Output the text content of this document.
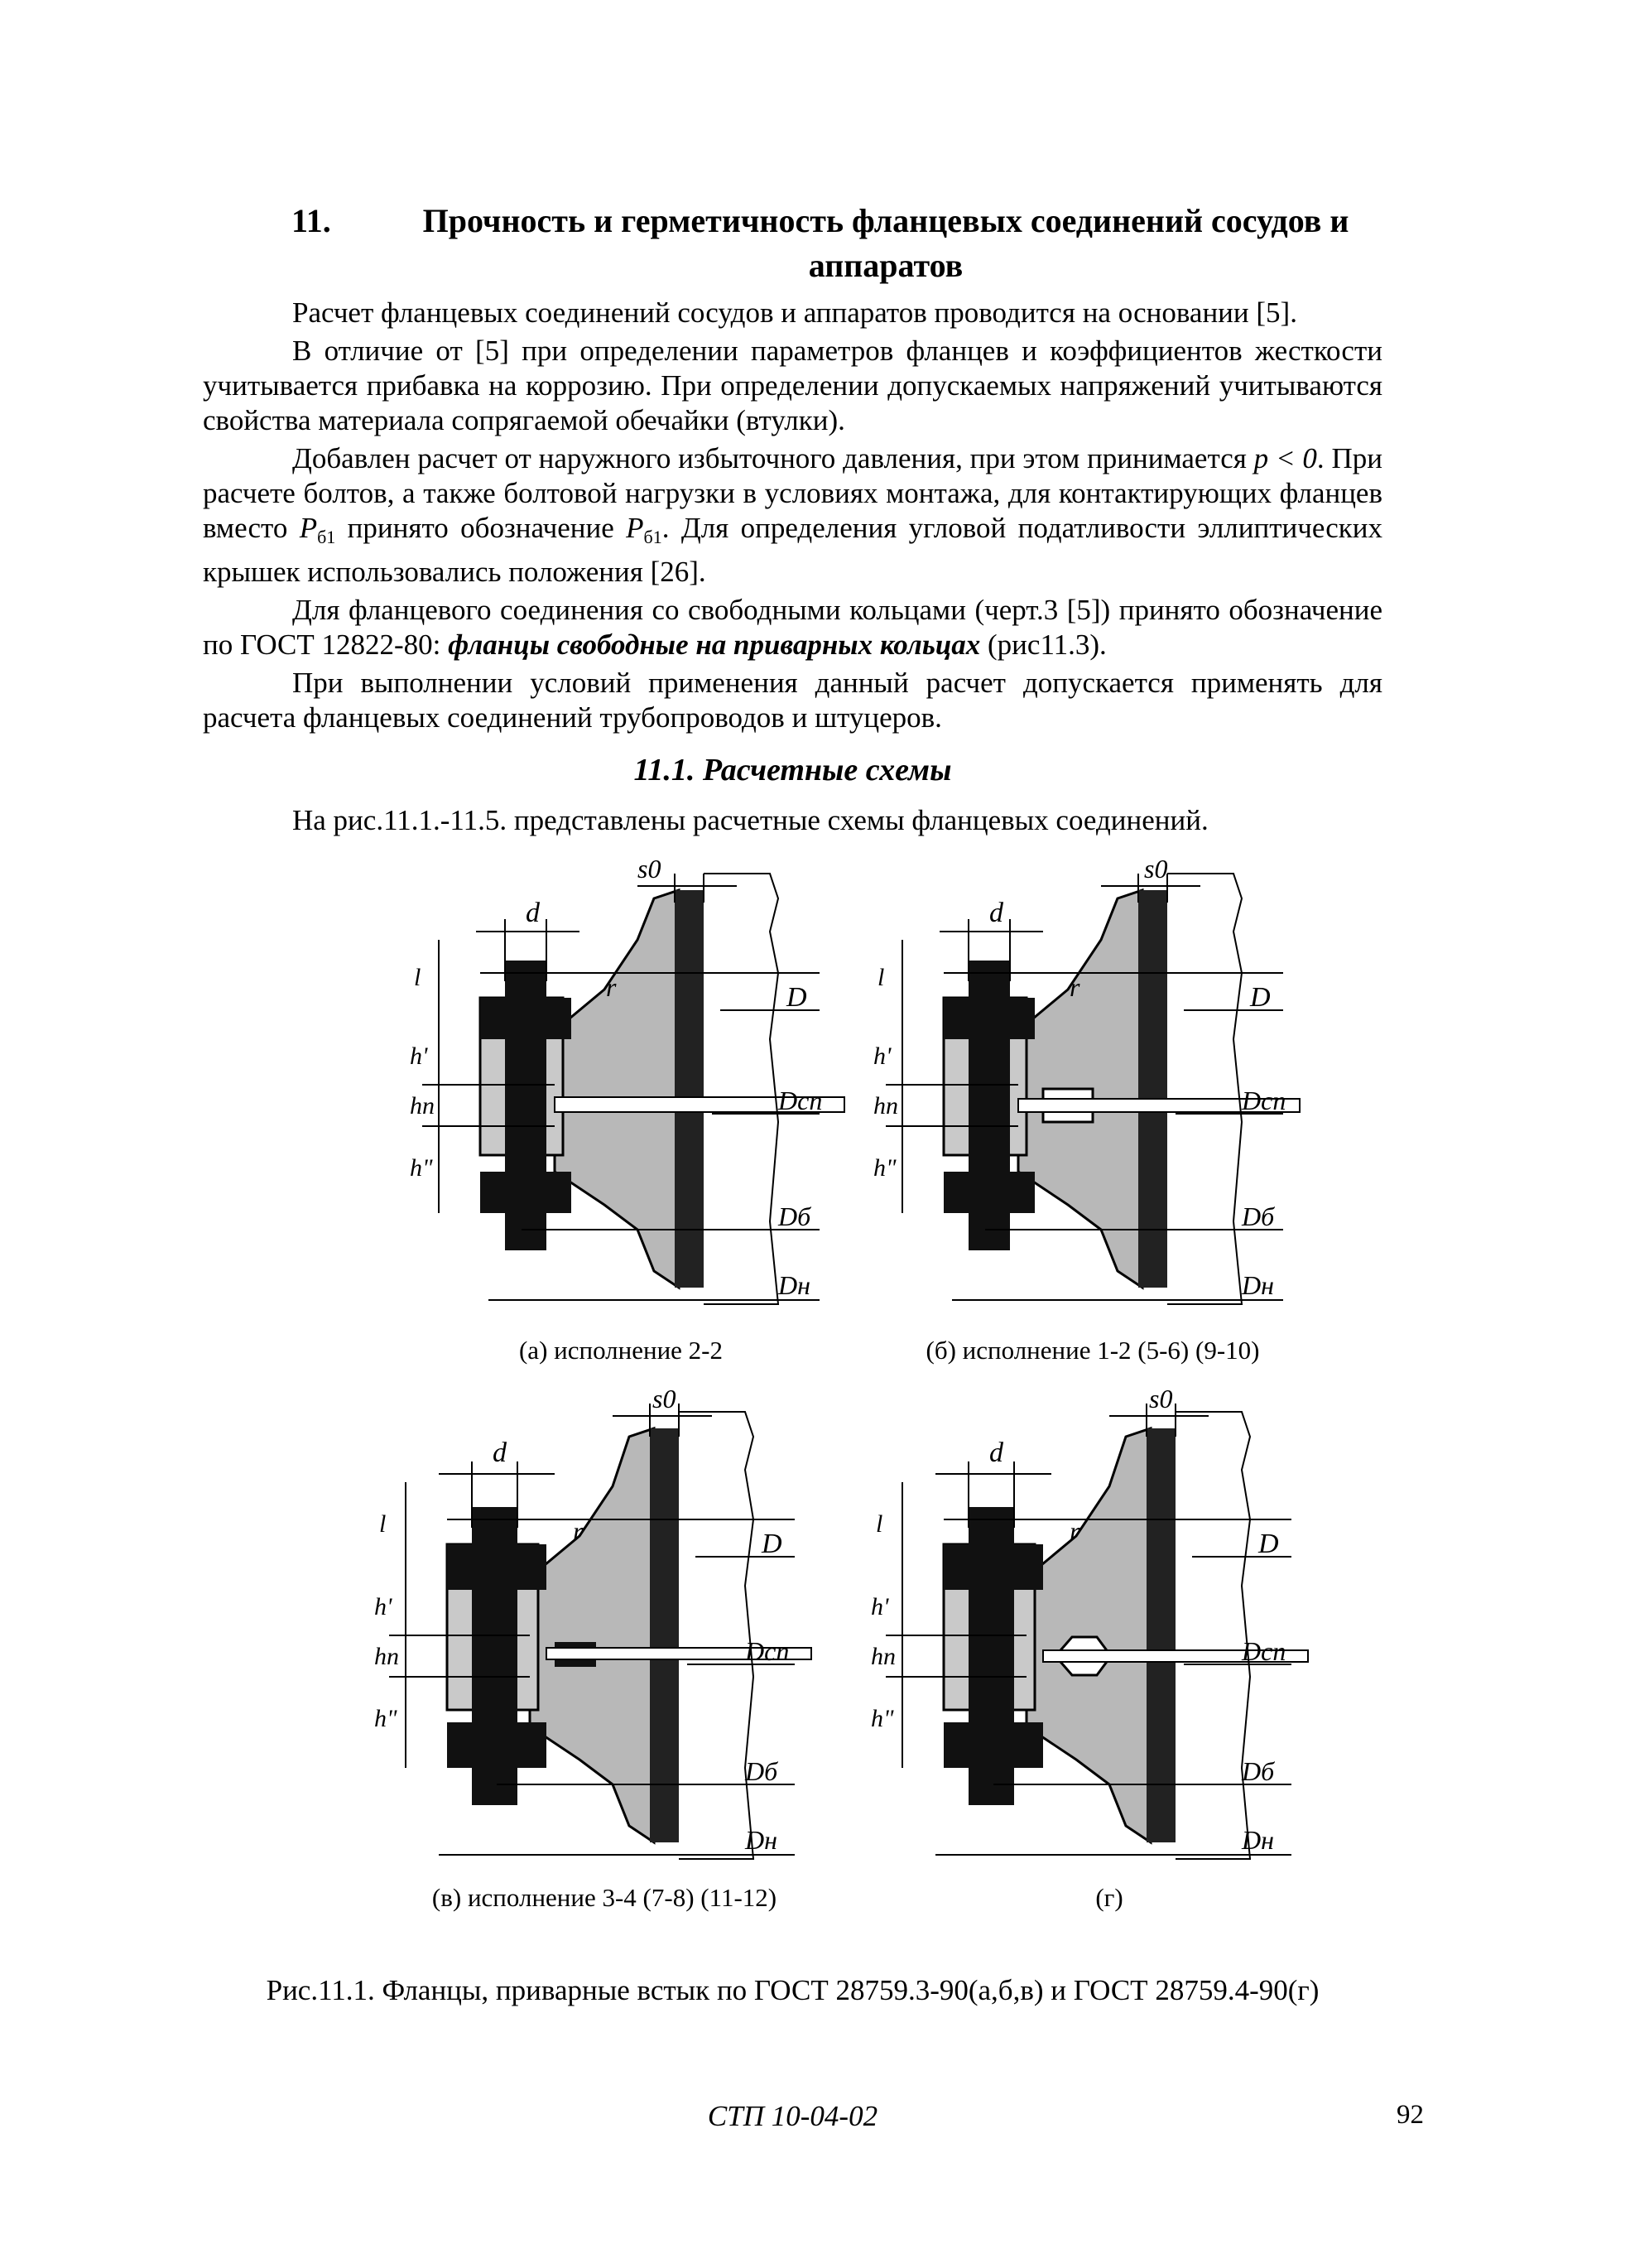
11.	Прочность и герметичность фланцевых соединений сосудов и аппаратов

Расчет фланцевых соединений сосудов и аппаратов проводится на основании [5].

В отличие от [5] при определении параметров фланцев и коэффициентов жесткости учитывается прибавка на коррозию. При определении допускаемых напряжений учитываются свойства материала сопрягаемой обечайки (втулки).

Добавлен расчет от наружного избыточного давления, при этом принимается p < 0. При расчете болтов, а также болтовой нагрузки в условиях монтажа, для контактирующих фланцев вместо $P_{б1}$ принято обозначение $P_{б1}$. Для определения угловой податливости эллиптических крышек использовались положения [26].

Для фланцевого соединения со свободными кольцами (черт.3 [5]) принято обозначение по ГОСТ 12822-80: фланцы свободные на приварных кольцах (рис11.3).

При выполнении условий применения данный расчет допускается применять для расчета фланцевых соединений трубопроводов и штуцеров.

11.1. Расчетные схемы

На рис.11.1.-11.5. представлены расчетные схемы фланцевых соединений.

s0
d
r	D
Dсп
Dб
Dн
l
h'
hп
h"
(а) исполнение 2-2
s0
d
r	D
Dсп
Dб
Dн
l
h'
hп
h"
(б) исполнение 1-2 (5-6) (9-10)
s0
d
r	D
Dсп
Dб
Dн
l
h'
hп
h"
(в) исполнение 3-4 (7-8) (11-12)
s0
d
r	D
Dсп
Dб
Dн
l
h'
hп
h"
(г)
Рис.11.1. Фланцы, приварные встык по ГОСТ 28759.3-90(а,б,в) и ГОСТ 28759.4-90(г)
СТП 10-04-02	92
